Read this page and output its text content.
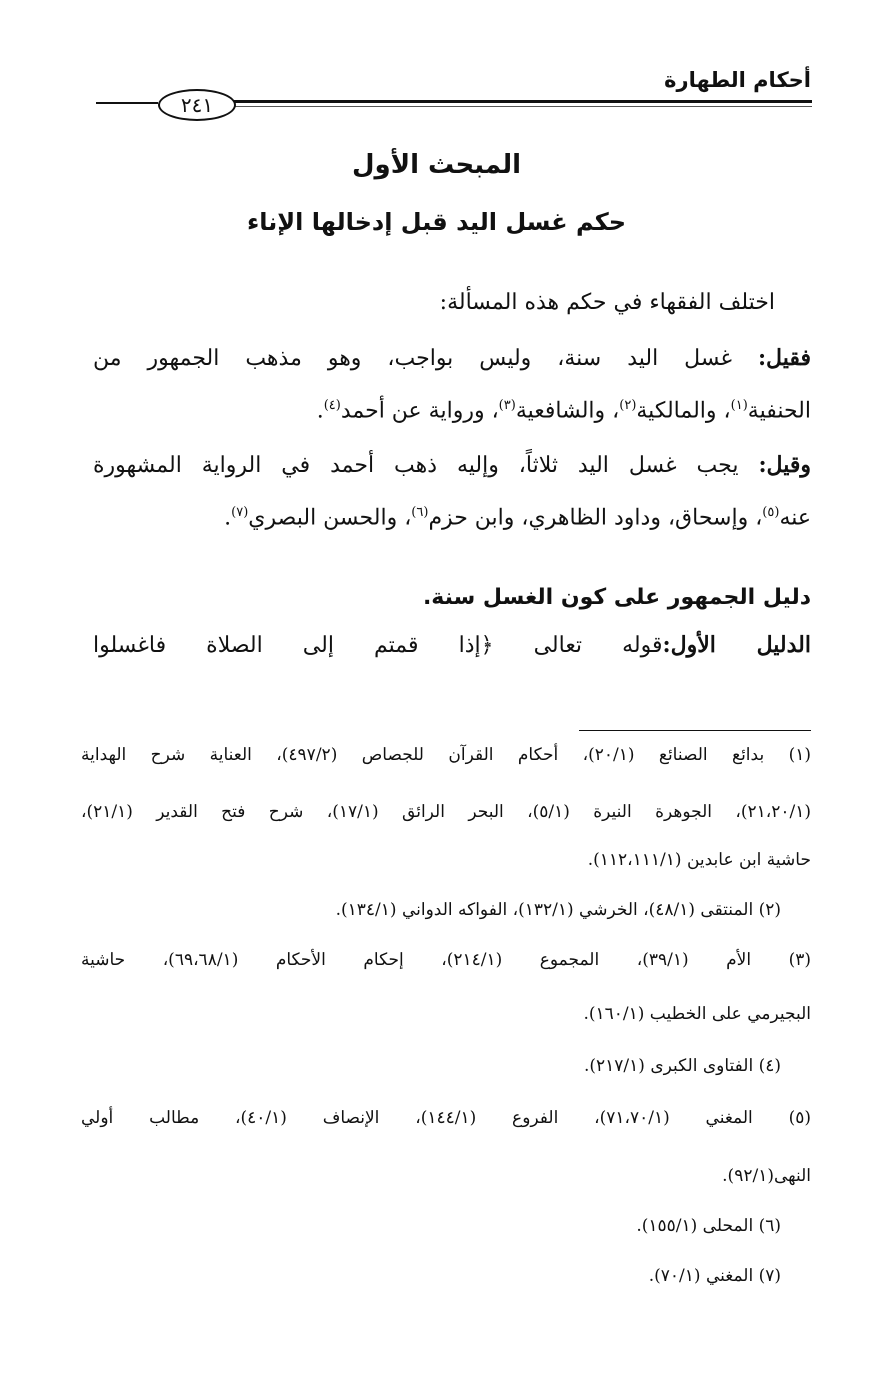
أحكام الطهارة
٢٤١
المبحث الأول
حكم غسل اليد قبل إدخالها الإناء
اختلف الفقهاء في حكم هذه المسألة:
فقيل: غسل اليد سنة، وليس بواجب، وهو مذهب الجمهور من
الحنفية$^{(١)}$، والمالكية$^{(٢)}$، والشافعية$^{(٣)}$، ورواية عن أحمد$^{(٤)}$.
وقيل: يجب غسل اليد ثلاثاً، وإليه ذهب أحمد في الرواية المشهورة
عنه$^{(٥)}$، وإسحاق، وداود الظاهري، وابن حزم$^{(٦)}$، والحسن البصري$^{(٧)}$.
دليل الجمهور على كون الغسل سنة.
الدليل الأول:قوله تعالى ﴿إذا قمتم إلى الصلاة فاغسلوا
(١) بدائع الصنائع (٢٠/١)، أحكام القرآن للجصاص (٤٩٧/٢)، العناية شرح الهداية
(٢١،٢٠/١)، الجوهرة النيرة (٥/١)، البحر الرائق (١٧/١)، شرح فتح القدير (٢١/١)،
حاشية ابن عابدين (١١٢،١١١/١).
(٢) المنتقى (٤٨/١)، الخرشي (١٣٢/١)، الفواكه الدواني (١٣٤/١).
(٣) الأم (٣٩/١)، المجموع (٢١٤/١)، إحكام الأحكام (٦٩،٦٨/١)، حاشية
البجيرمي على الخطيب (١٦٠/١).
(٤) الفتاوى الكبرى (٢١٧/١).
(٥) المغني (٧١،٧٠/١)، الفروع (١٤٤/١)، الإنصاف (٤٠/١)، مطالب أولي
النهى(٩٢/١).
(٦) المحلى (١٥٥/١).
(٧) المغني (٧٠/١).
